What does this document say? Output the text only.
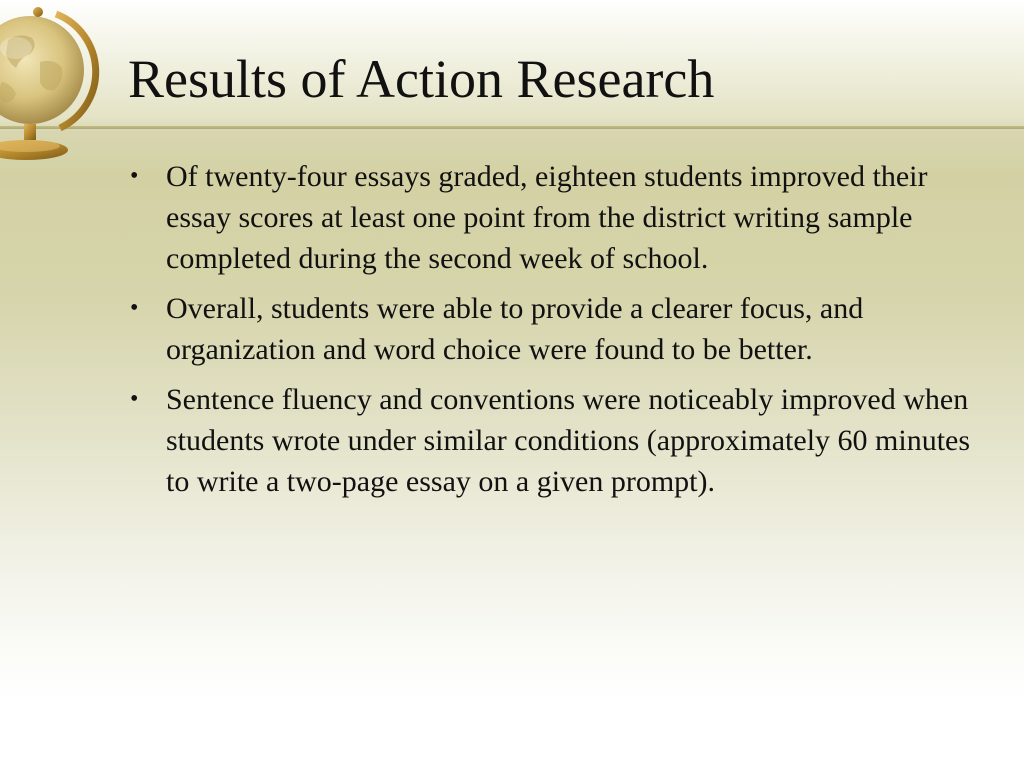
Results of Action Research
• Of twenty-four essays graded, eighteen students improved their essay scores at least one point from the district writing sample completed during the second week of school.
• Overall, students were able to provide a clearer focus, and organization and word choice were found to be better.
• Sentence fluency and conventions were noticeably improved when students wrote under similar conditions (approximately 60 minutes to write a two-page essay on a given prompt).
